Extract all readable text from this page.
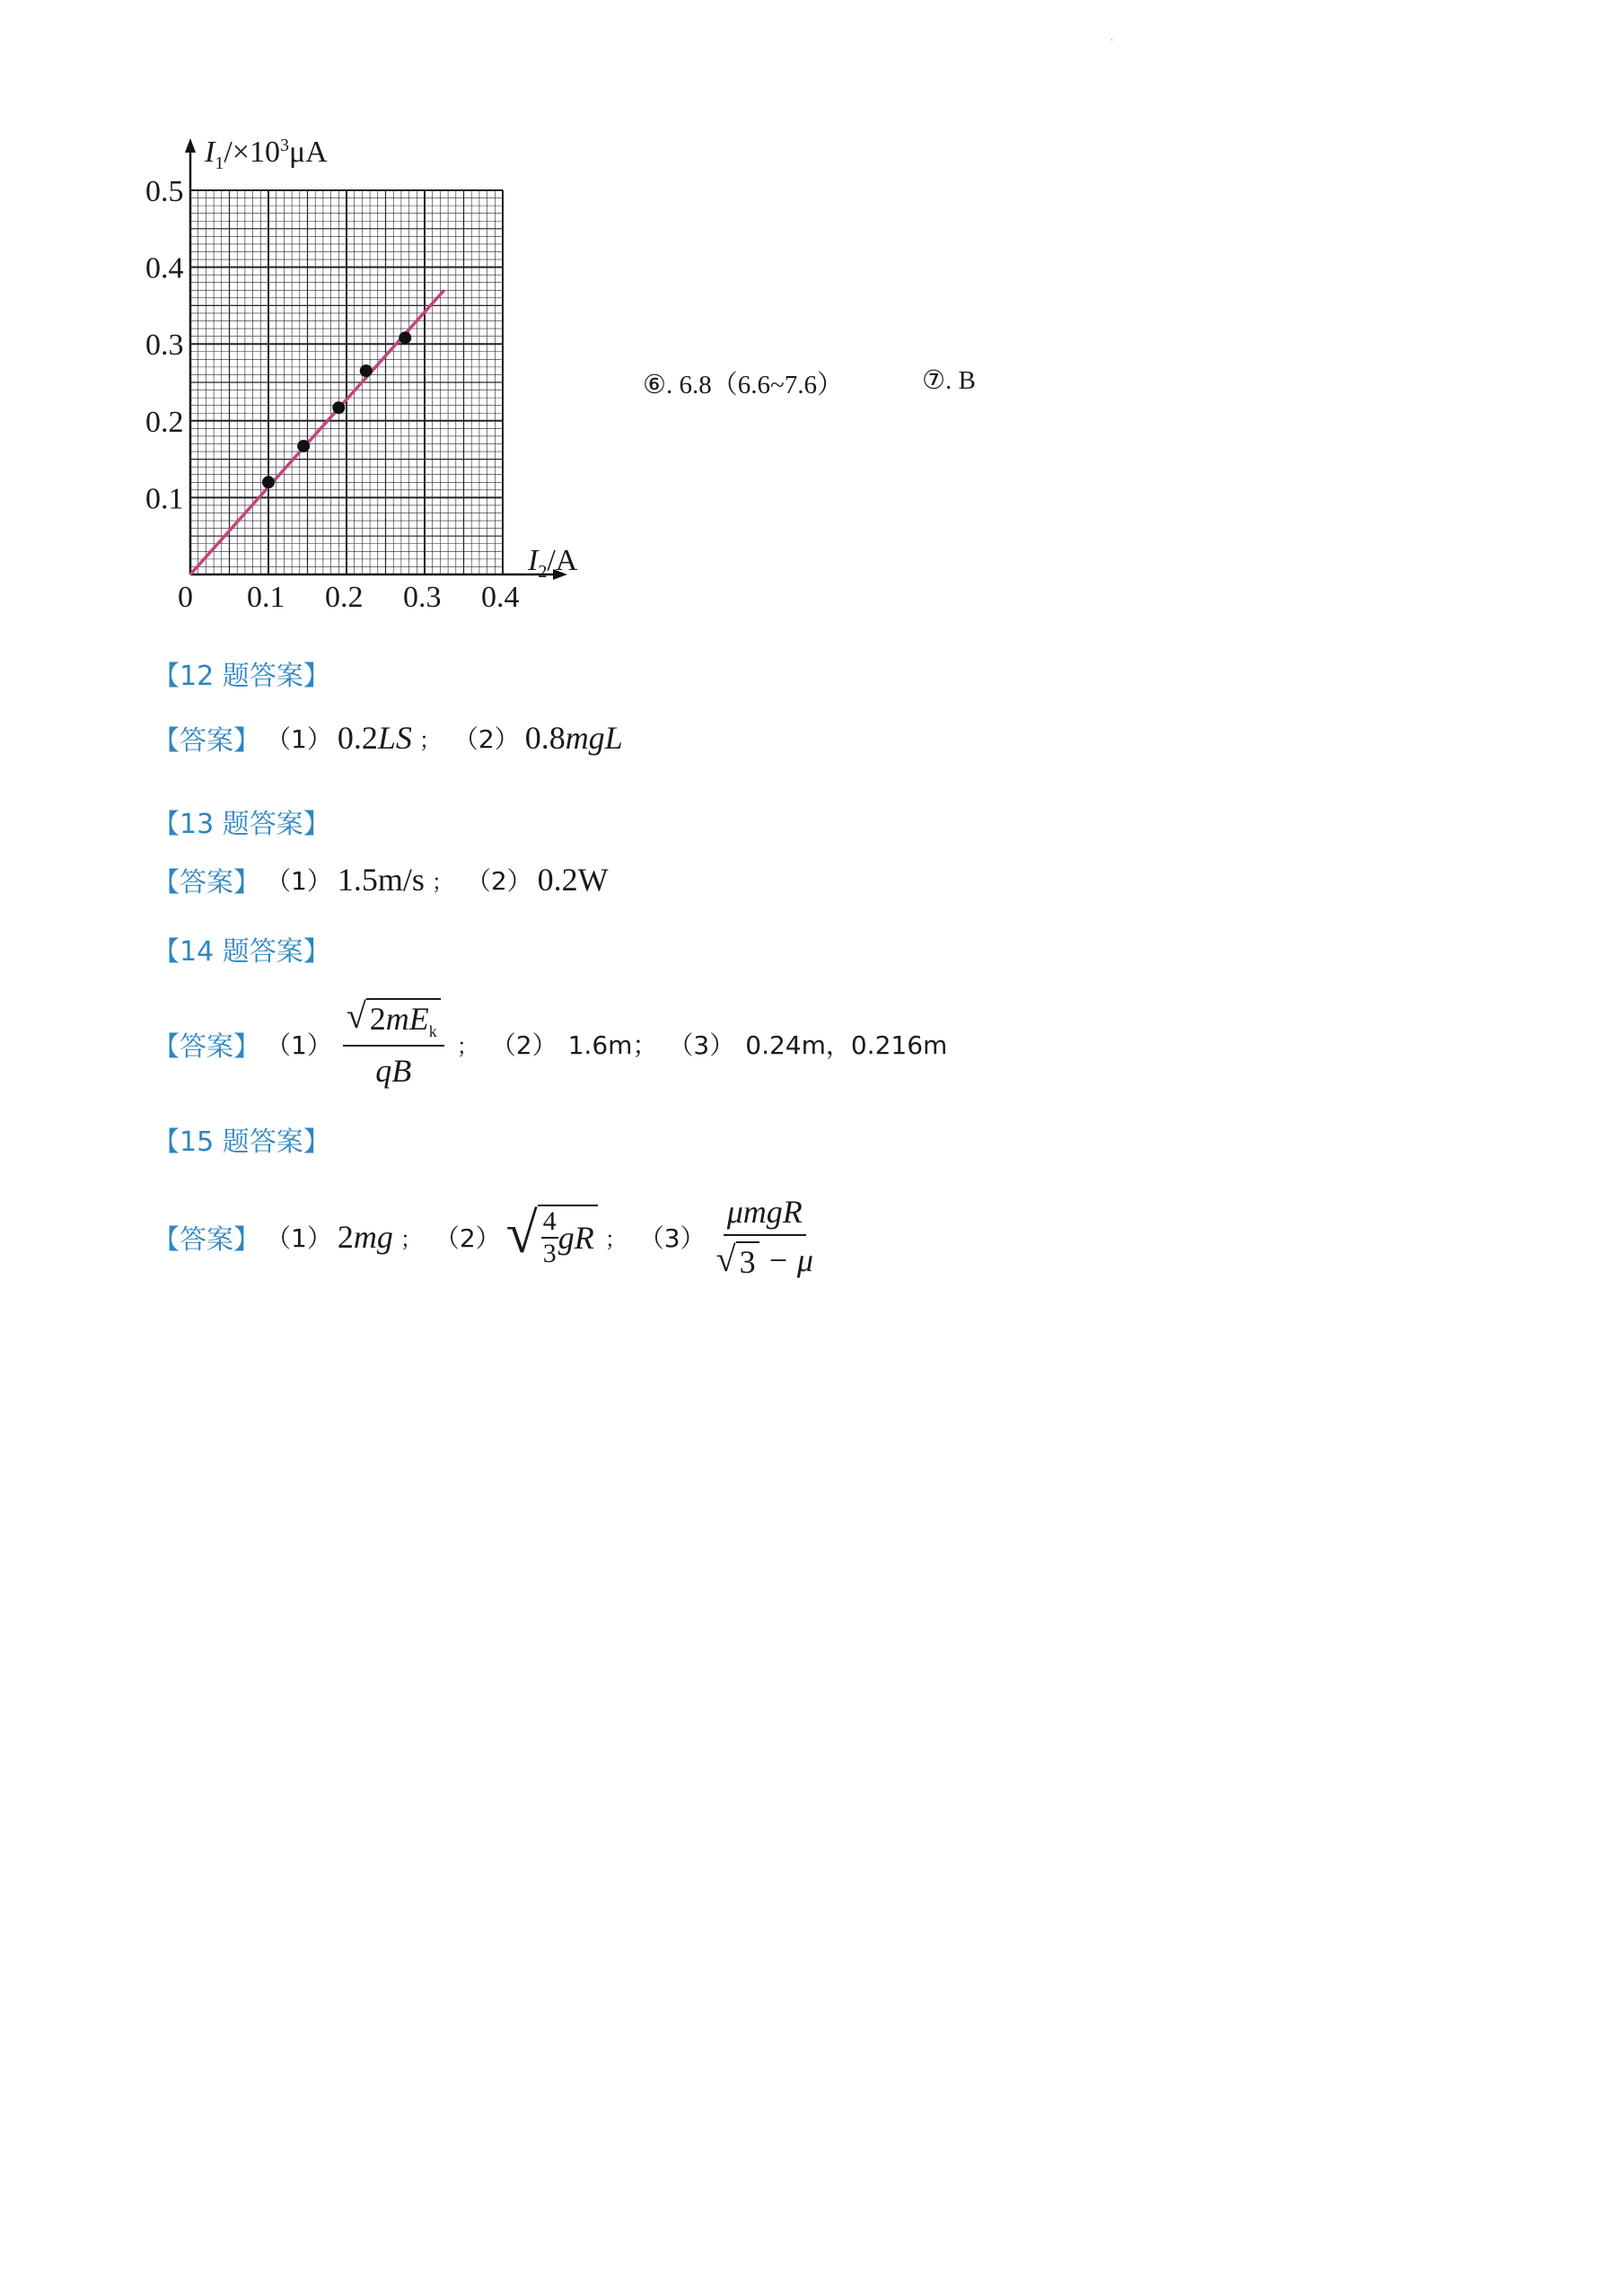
·
0 0.1 0.2 0.3 0.4
0.1
0.2
0.3
0.4
0.5
$I_1/\times 10^3\mu A$
$I_2/A$
⑥. 6.8（6.6~7.6）	⑦. B
【12 题答案】
【答案】 （1） 0.2LS ； （2） 0.8mgL
【13 题答案】
【答案】 （1） 1.5m/s ； （2） 0.2W
【14 题答案】
【答案】 $(1) \frac{√ 2mE_k}{qB}$ ； （2） 1.6m； （3） 0.24m，0.216m
【15 题答案】
【答案】 （1） 2mg ； （2） √ $\frac{4}{3}$ gR ； $(3) \frac{\text{μmgR}}{√ 3 - \mu}$
